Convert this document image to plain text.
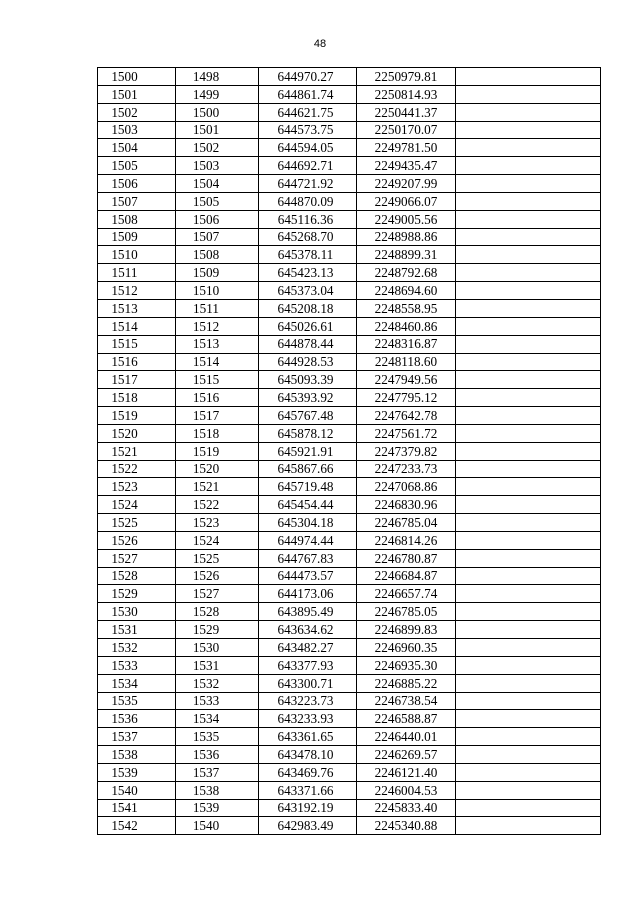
48
1500	1498	644970.27	2250979.81	
1501	1499	644861.74	2250814.93	
1502	1500	644621.75	2250441.37	
1503	1501	644573.75	2250170.07	
1504	1502	644594.05	2249781.50	
1505	1503	644692.71	2249435.47	
1506	1504	644721.92	2249207.99	
1507	1505	644870.09	2249066.07	
1508	1506	645116.36	2249005.56	
1509	1507	645268.70	2248988.86	
1510	1508	645378.11	2248899.31	
1511	1509	645423.13	2248792.68	
1512	1510	645373.04	2248694.60	
1513	1511	645208.18	2248558.95	
1514	1512	645026.61	2248460.86	
1515	1513	644878.44	2248316.87	
1516	1514	644928.53	2248118.60	
1517	1515	645093.39	2247949.56	
1518	1516	645393.92	2247795.12	
1519	1517	645767.48	2247642.78	
1520	1518	645878.12	2247561.72	
1521	1519	645921.91	2247379.82	
1522	1520	645867.66	2247233.73	
1523	1521	645719.48	2247068.86	
1524	1522	645454.44	2246830.96	
1525	1523	645304.18	2246785.04	
1526	1524	644974.44	2246814.26	
1527	1525	644767.83	2246780.87	
1528	1526	644473.57	2246684.87	
1529	1527	644173.06	2246657.74	
1530	1528	643895.49	2246785.05	
1531	1529	643634.62	2246899.83	
1532	1530	643482.27	2246960.35	
1533	1531	643377.93	2246935.30	
1534	1532	643300.71	2246885.22	
1535	1533	643223.73	2246738.54	
1536	1534	643233.93	2246588.87	
1537	1535	643361.65	2246440.01	
1538	1536	643478.10	2246269.57	
1539	1537	643469.76	2246121.40	
1540	1538	643371.66	2246004.53	
1541	1539	643192.19	2245833.40	
1542	1540	642983.49	2245340.88	
